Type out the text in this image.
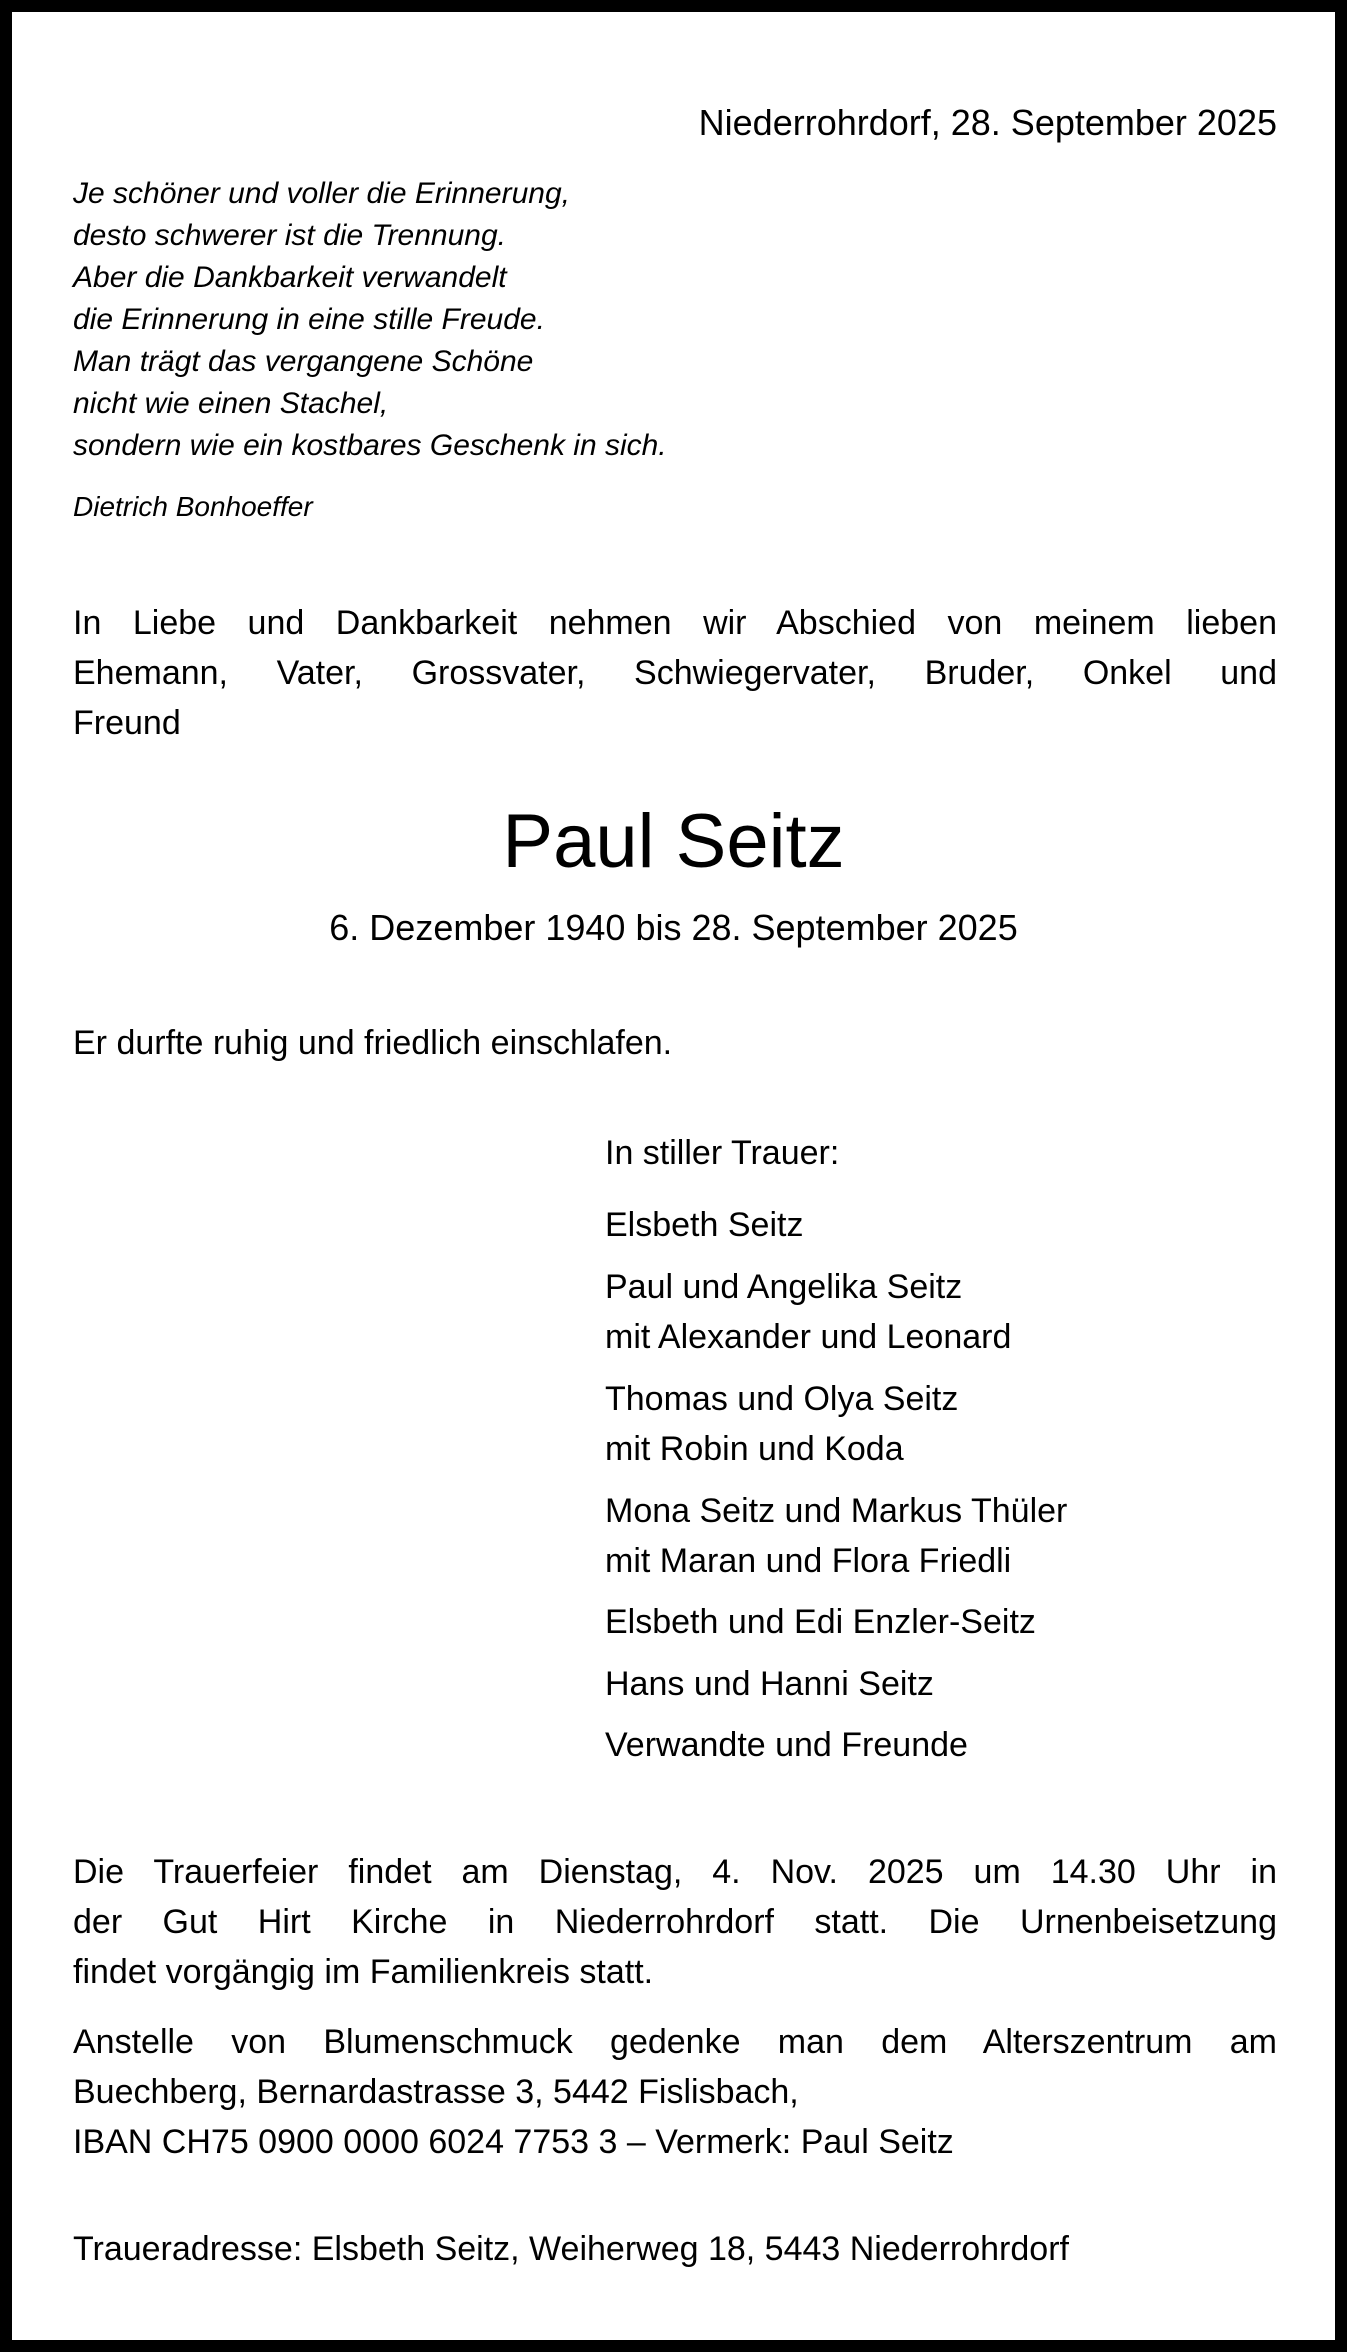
Niederrohrdorf, 28. September 2025
Je schöner und voller die Erinnerung,
desto schwerer ist die Trennung.
Aber die Dankbarkeit verwandelt
die Erinnerung in eine stille Freude.
Man trägt das vergangene Schöne
nicht wie einen Stachel,
sondern wie ein kostbares Geschenk in sich.
Dietrich Bonhoeffer
In Liebe und Dankbarkeit nehmen wir Abschied von meinem lieben
Ehemann, Vater, Grossvater, Schwiegervater, Bruder, Onkel und
Freund
Paul Seitz
6. Dezember 1940 bis 28. September 2025
Er durfte ruhig und friedlich einschlafen.
In stiller Trauer:
Elsbeth Seitz
Paul und Angelika Seitz
mit Alexander und Leonard
Thomas und Olya Seitz
mit Robin und Koda
Mona Seitz und Markus Thüler
mit Maran und Flora Friedli
Elsbeth und Edi Enzler-Seitz
Hans und Hanni Seitz
Verwandte und Freunde
Die Trauerfeier findet am Dienstag, 4. Nov. 2025 um 14.30 Uhr in
der Gut Hirt Kirche in Niederrohrdorf statt. Die Urnenbeisetzung
findet vorgängig im Familienkreis statt.
Anstelle von Blumenschmuck gedenke man dem Alterszentrum am
Buechberg, Bernardastrasse 3, 5442 Fislisbach,
IBAN CH75 0900 0000 6024 7753 3 – Vermerk: Paul Seitz
Traueradresse: Elsbeth Seitz, Weiherweg 18, 5443 Niederrohrdorf
